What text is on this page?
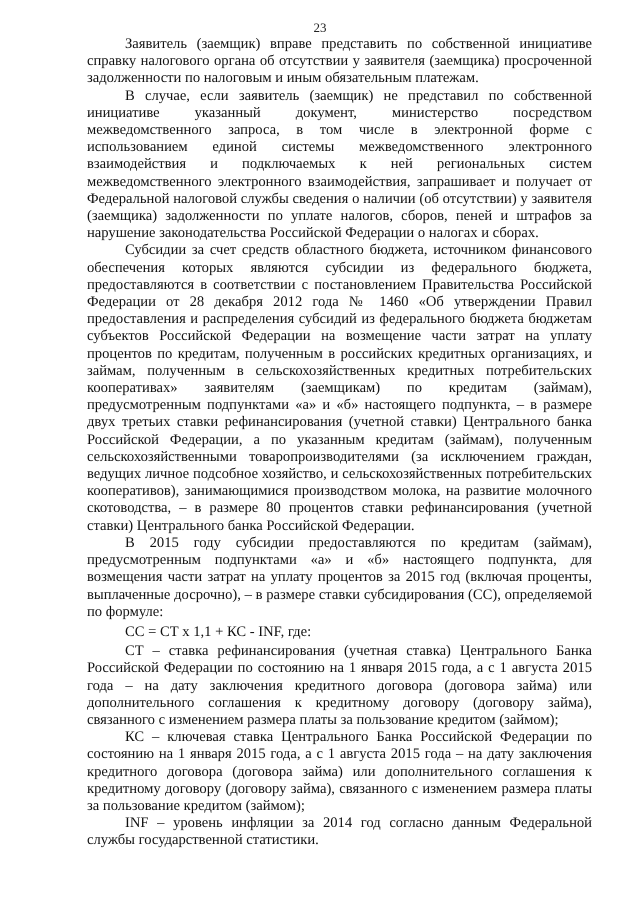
23

Заявитель (заемщик) вправе представить по собственной инициативе справку налогового органа об отсутствии у заявителя (заемщика) просроченной задолженности по налоговым и иным обязательным платежам.

В случае, если заявитель (заемщик) не представил по собственной инициативе указанный документ, министерство посредством межведомственного запроса, в том числе в электронной форме с использованием единой системы межведомственного электронного взаимодействия и подключаемых к ней региональных систем межведомственного электронного взаимодействия, запрашивает и получает от Федеральной налоговой службы сведения о наличии (об отсутствии) у заявителя (заемщика) задолженности по уплате налогов, сборов, пеней и штрафов за нарушение законодательства Российской Федерации о налогах и сборах.

Субсидии за счет средств областного бюджета, источником финансового обеспечения которых являются субсидии из федерального бюджета, предоставляются в соответствии с постановлением Правительства Российской Федерации от 28 декабря 2012 года № 1460 «Об утверждении Правил предоставления и распределения субсидий из федерального бюджета бюджетам субъектов Российской Федерации на возмещение части затрат на уплату процентов по кредитам, полученным в российских кредитных организациях, и займам, полученным в сельскохозяйственных кредитных потребительских кооперативах» заявителям (заемщикам) по кредитам (займам), предусмотренным подпунктами «а» и «б» настоящего подпункта, – в размере двух третьих ставки рефинансирования (учетной ставки) Центрального банка Российской Федерации, а по указанным кредитам (займам), полученным сельскохозяйственными товаропроизводителями (за исключением граждан, ведущих личное подсобное хозяйство, и сельскохозяйственных потребительских кооперативов), занимающимися производством молока, на развитие молочного скотоводства, – в размере 80 процентов ставки рефинансирования (учетной ставки) Центрального банка Российской Федерации.

В 2015 году субсидии предоставляются по кредитам (займам), предусмотренным подпунктами «а» и «б» настоящего подпункта, для возмещения части затрат на уплату процентов за 2015 год (включая проценты, выплаченные досрочно), – в размере ставки субсидирования (СС), определяемой по формуле:

СС = СТ х 1,1 + КС - INF, где:

СТ – ставка рефинансирования (учетная ставка) Центрального Банка Российской Федерации по состоянию на 1 января 2015 года, а с 1 августа 2015 года – на дату заключения кредитного договора (договора займа) или дополнительного соглашения к кредитному договору (договору займа), связанного с изменением размера платы за пользование кредитом (займом);

КС – ключевая ставка Центрального Банка Российской Федерации по состоянию на 1 января 2015 года, а с 1 августа 2015 года – на дату заключения кредитного договора (договора займа) или дополнительного соглашения к кредитному договору (договору займа), связанного с изменением размера платы за пользование кредитом (займом);

INF – уровень инфляции за 2014 год согласно данным Федеральной службы государственной статистики.
